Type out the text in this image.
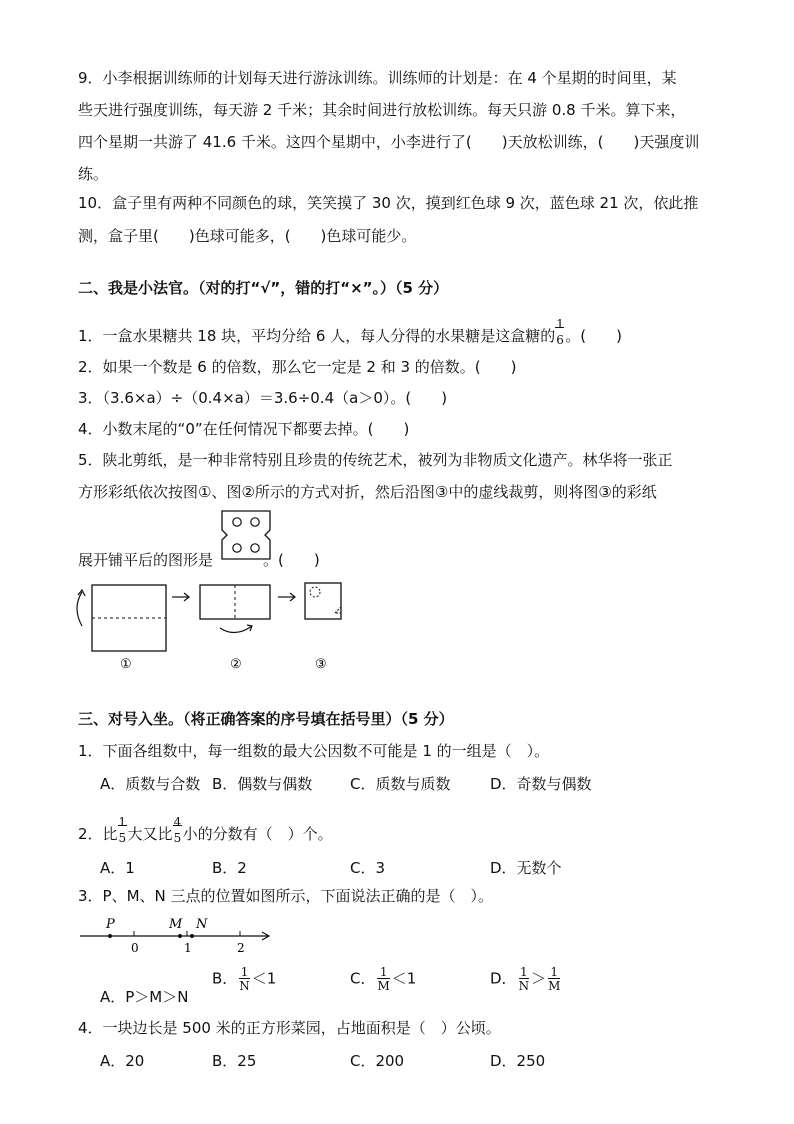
9．小李根据训练师的计划每天进行游泳训练。训练师的计划是：在 4 个星期的时间里，某
些天进行强度训练，每天游 2 千米；其余时间进行放松训练。每天只游 0.8 千米。算下来，
四个星期一共游了 41.6 千米。这四个星期中，小李进行了(　　)天放松训练，(　　)天强度训
练。
10．盒子里有两种不同颜色的球，笑笑摸了 30 次，摸到红色球 9 次，蓝色球 21 次，依此推
测，盒子里(　　)色球可能多，(　　)色球可能少。
二、我是小法官。（对的打“√”，错的打“×”。）（5 分）
1．一盒水果糖共 18 块，平均分给 6 人，每人分得的水果糖是这盒糖的 $\frac{1}{6}$ 。(　　)
2．如果一个数是 6 的倍数，那么它一定是 2 和 3 的倍数。(　　)
3．（3.6×a）÷（0.4×a）＝3.6÷0.4（a＞0）。(　　)
4．小数末尾的“0”在任何情况下都要去掉。(　　)
5．陕北剪纸，是一种非常特别且珍贵的传统艺术，被列为非物质文化遗产。林华将一张正
方形彩纸依次按图①、图②所示的方式对折，然后沿图③中的虚线裁剪，则将图③的彩纸
展开铺平后的图形是	。(　　)
①	②	③
三、对号入坐。（将正确答案的序号填在括号里）（5 分）
1．下面各组数中，每一组数的最大公因数不可能是 1 的一组是（　）。
A．质数与合数 B．偶数与偶数	C．质数与质数	D．奇数与偶数
2．比 $\frac{1}{5}$ 大又比 $\frac{4}{5}$ 小的分数有（　）个。
A．1	B．2	C．3	D．无数个
3．P、M、N 三点的位置如图所示，下面说法正确的是（　）。
P	M N
0	1	2
A．P＞M＞N
B． $\frac{1}{N} <1$	C． $\frac{1}{M} <1$	D． $\frac{1}{N} > \frac{1}{M}$
4．一块边长是 500 米的正方形菜园，占地面积是（　）公顷。
A．20	B．25	C．200	D．250
